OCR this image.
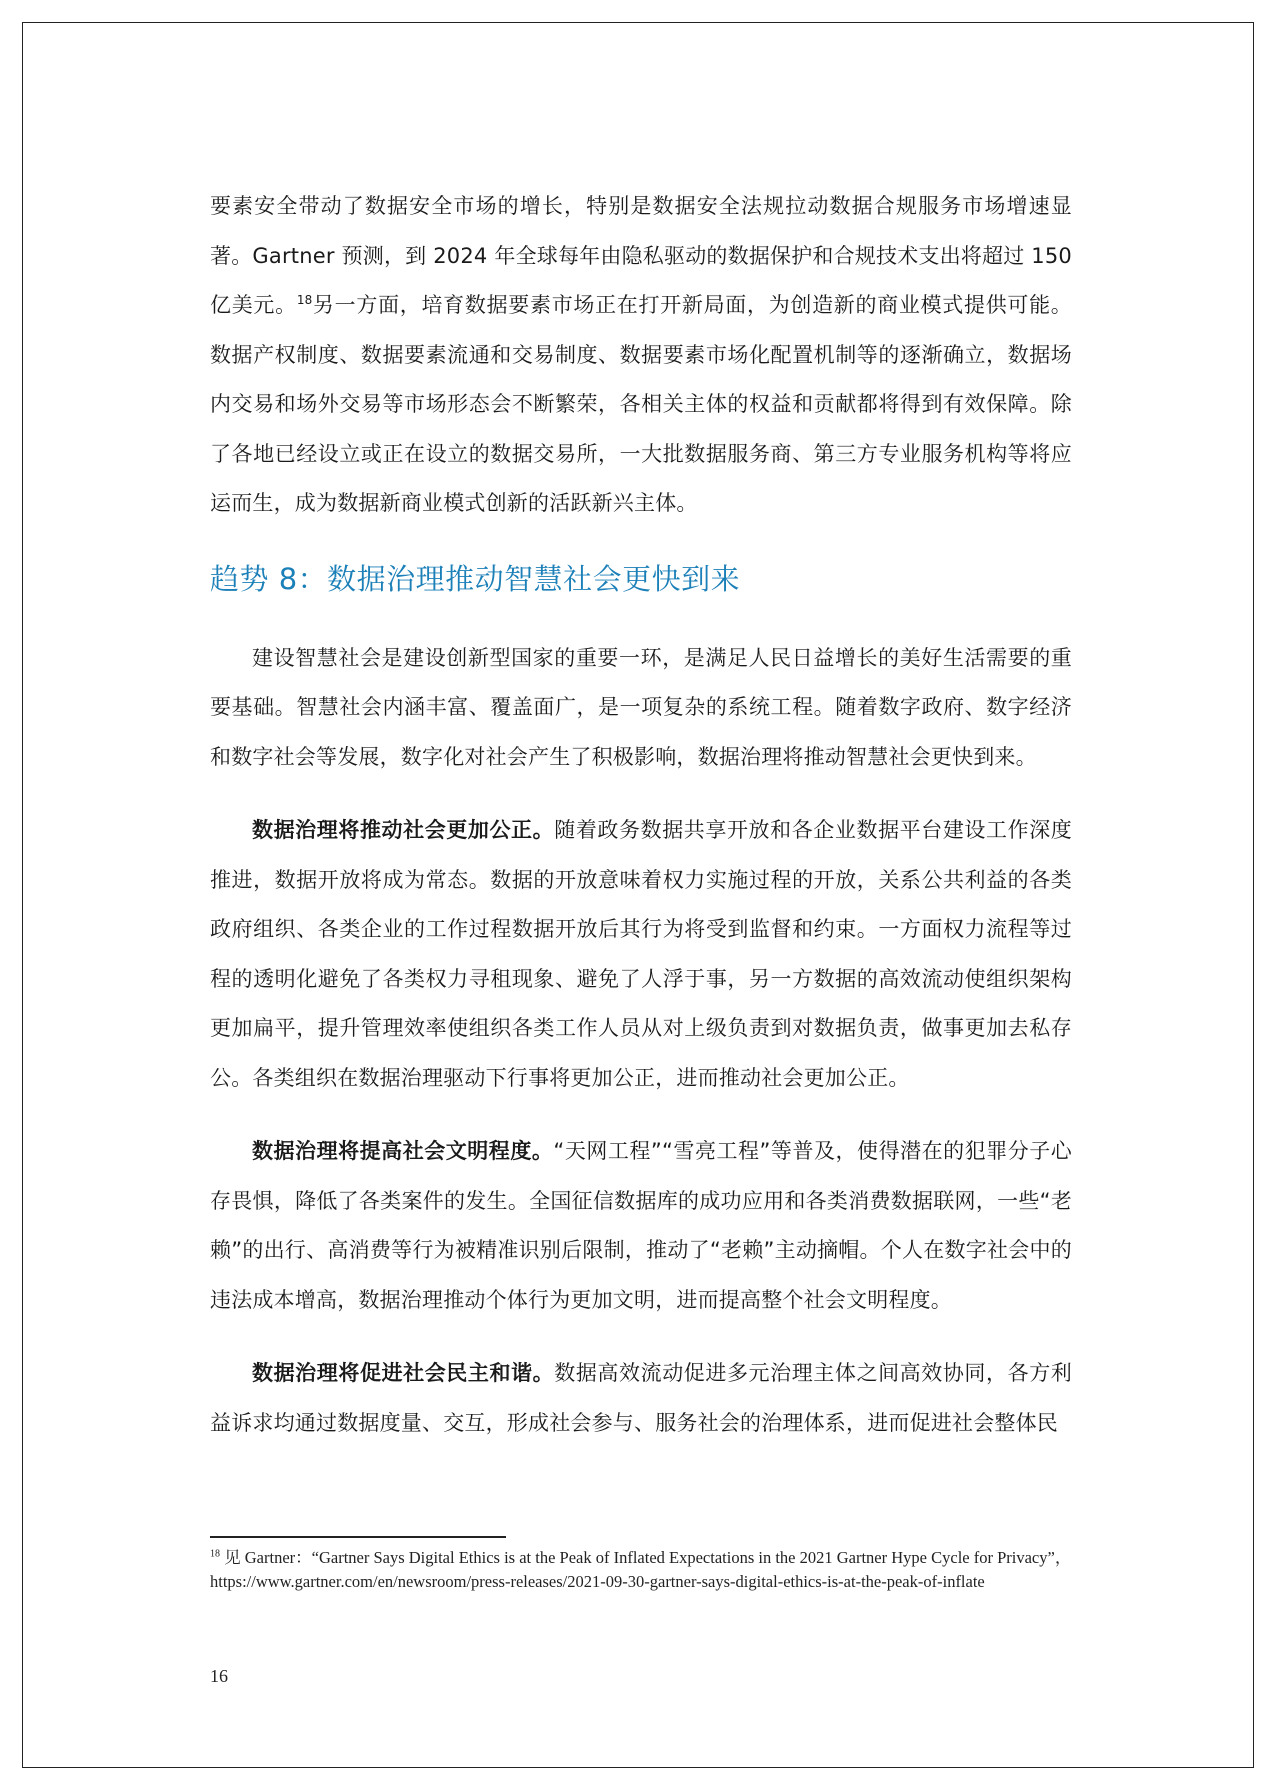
要素安全带动了数据安全市场的增长，特别是数据安全法规拉动数据合规服务市场增速显著。Gartner 预测，到 2024 年全球每年由隐私驱动的数据保护和合规技术支出将超过 150 亿美元。$^{18}$另一方面，培育数据要素市场正在打开新局面，为创造新的商业模式提供可能。数据产权制度、数据要素流通和交易制度、数据要素市场化配置机制等的逐渐确立，数据场内交易和场外交易等市场形态会不断繁荣，各相关主体的权益和贡献都将得到有效保障。除了各地已经设立或正在设立的数据交易所，一大批数据服务商、第三方专业服务机构等将应运而生，成为数据新商业模式创新的活跃新兴主体。

趋势 8：数据治理推动智慧社会更快到来

建设智慧社会是建设创新型国家的重要一环，是满足人民日益增长的美好生活需要的重要基础。智慧社会内涵丰富、覆盖面广，是一项复杂的系统工程。随着数字政府、数字经济和数字社会等发展，数字化对社会产生了积极影响，数据治理将推动智慧社会更快到来。

数据治理将推动社会更加公正。随着政务数据共享开放和各企业数据平台建设工作深度推进，数据开放将成为常态。数据的开放意味着权力实施过程的开放，关系公共利益的各类政府组织、各类企业的工作过程数据开放后其行为将受到监督和约束。一方面权力流程等过程的透明化避免了各类权力寻租现象、避免了人浮于事，另一方数据的高效流动使组织架构更加扁平，提升管理效率使组织各类工作人员从对上级负责到对数据负责，做事更加去私存公。各类组织在数据治理驱动下行事将更加公正，进而推动社会更加公正。

数据治理将提高社会文明程度。“天网工程”“雪亮工程”等普及，使得潜在的犯罪分子心存畏惧，降低了各类案件的发生。全国征信数据库的成功应用和各类消费数据联网，一些“老赖”的出行、高消费等行为被精准识别后限制，推动了“老赖”主动摘帽。个人在数字社会中的违法成本增高，数据治理推动个体行为更加文明，进而提高整个社会文明程度。

数据治理将促进社会民主和谐。数据高效流动促进多元治理主体之间高效协同，各方利益诉求均通过数据度量、交互，形成社会参与、服务社会的治理体系，进而促进社会整体民

$^{18}$ 见 Gartner：“Gartner Says Digital Ethics is at the Peak of Inflated Expectations in the 2021 Gartner Hype Cycle for Privacy”，https://www.gartner.com/en/newsroom/press-releases/2021-09-30-gartner-says-digital-ethics-is-at-the-peak-of-inflate
16
